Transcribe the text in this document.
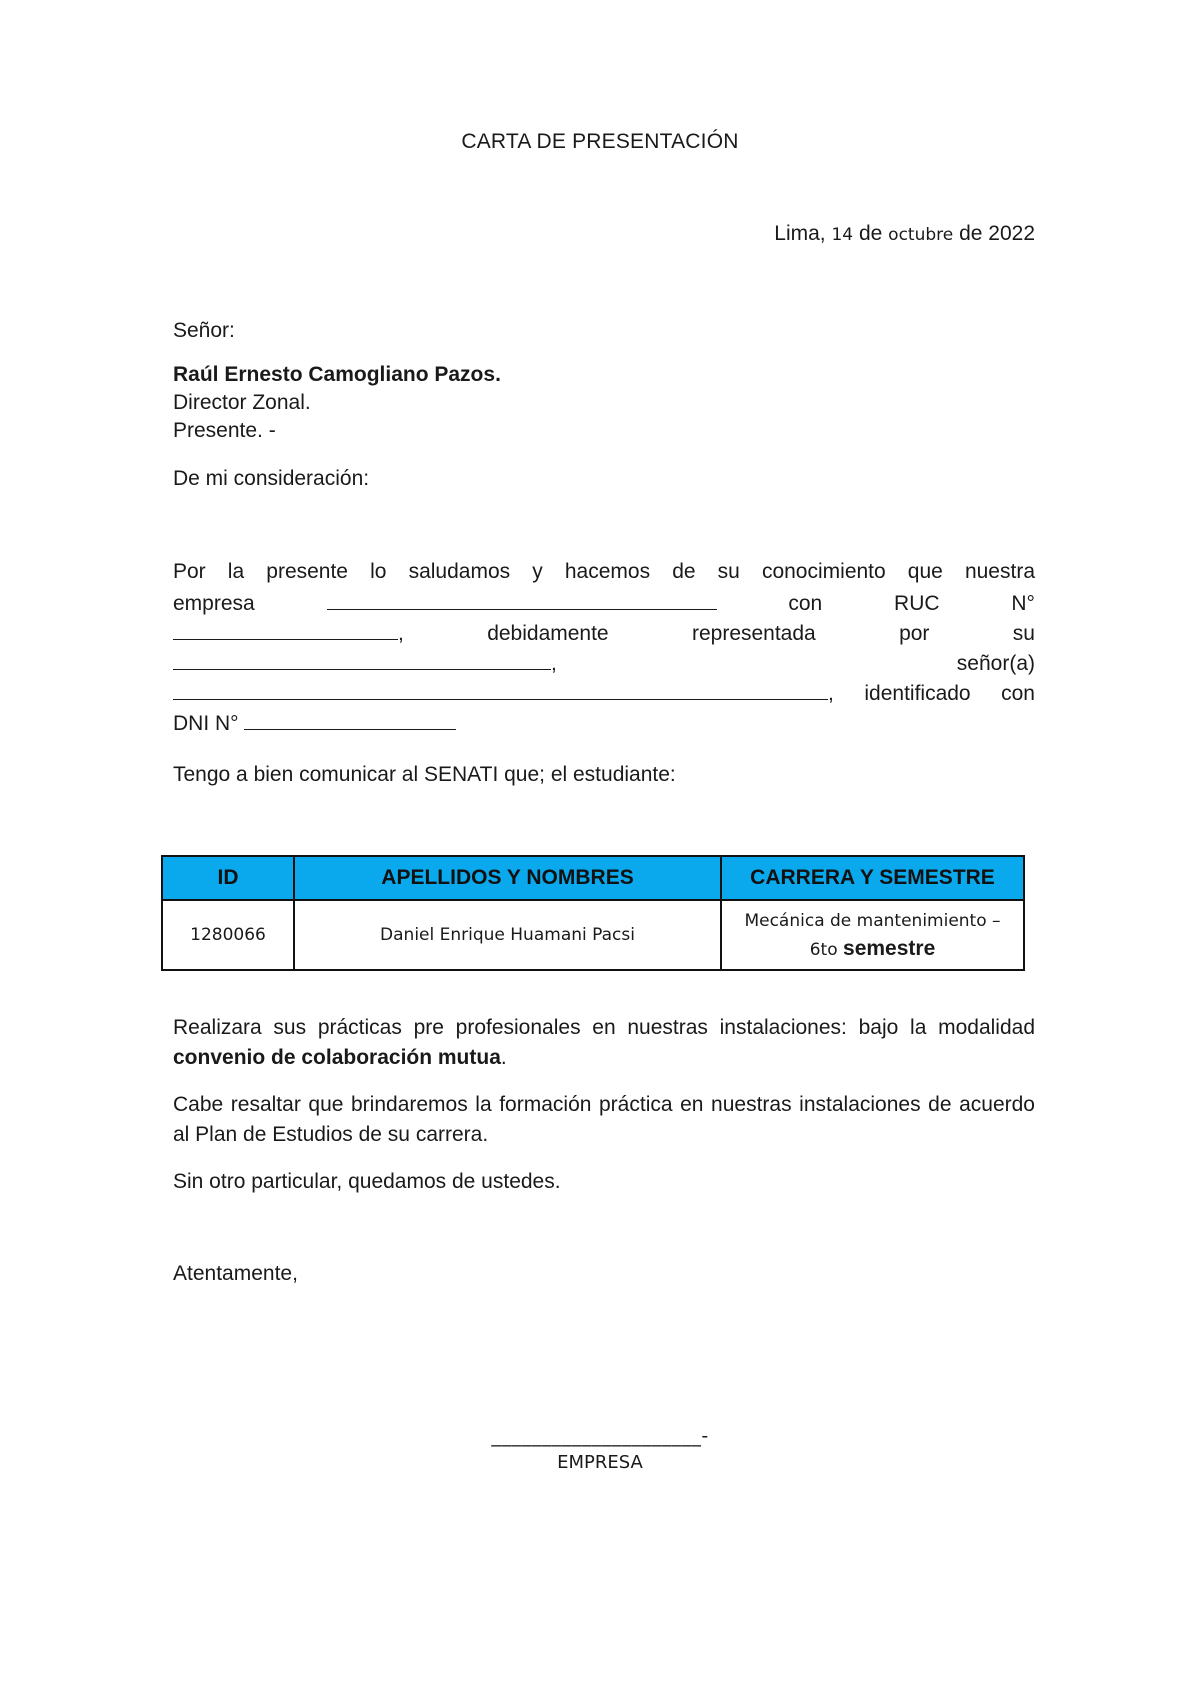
CARTA DE PRESENTACIÓN
Lima, 14 de octubre de 2022
Señor:
Raúl Ernesto Camogliano Pazos.
Director Zonal.
Presente. -
De mi consideración:
Por la presente lo saludamos y hacemos de su conocimiento que nuestra
empresa	con	RUC	N°
,	debidamente	representada	por	su
,	señor(a)
, identificado con
DNI N°
Tengo a bien comunicar al SENATI que; el estudiante:
ID	APELLIDOS Y NOMBRES	CARRERA Y SEMESTRE
1280066	Daniel Enrique Huamani Pacsi	Mecánica de mantenimiento –
6to semestre
Realizara sus prácticas pre profesionales en nuestras instalaciones: bajo la modalidad convenio de colaboración mutua.
Cabe resaltar que brindaremos la formación práctica en nuestras instalaciones de acuerdo al Plan de Estudios de su carrera.
Sin otro particular, quedamos de ustedes.
Atentamente,
_____________________-
EMPRESA
